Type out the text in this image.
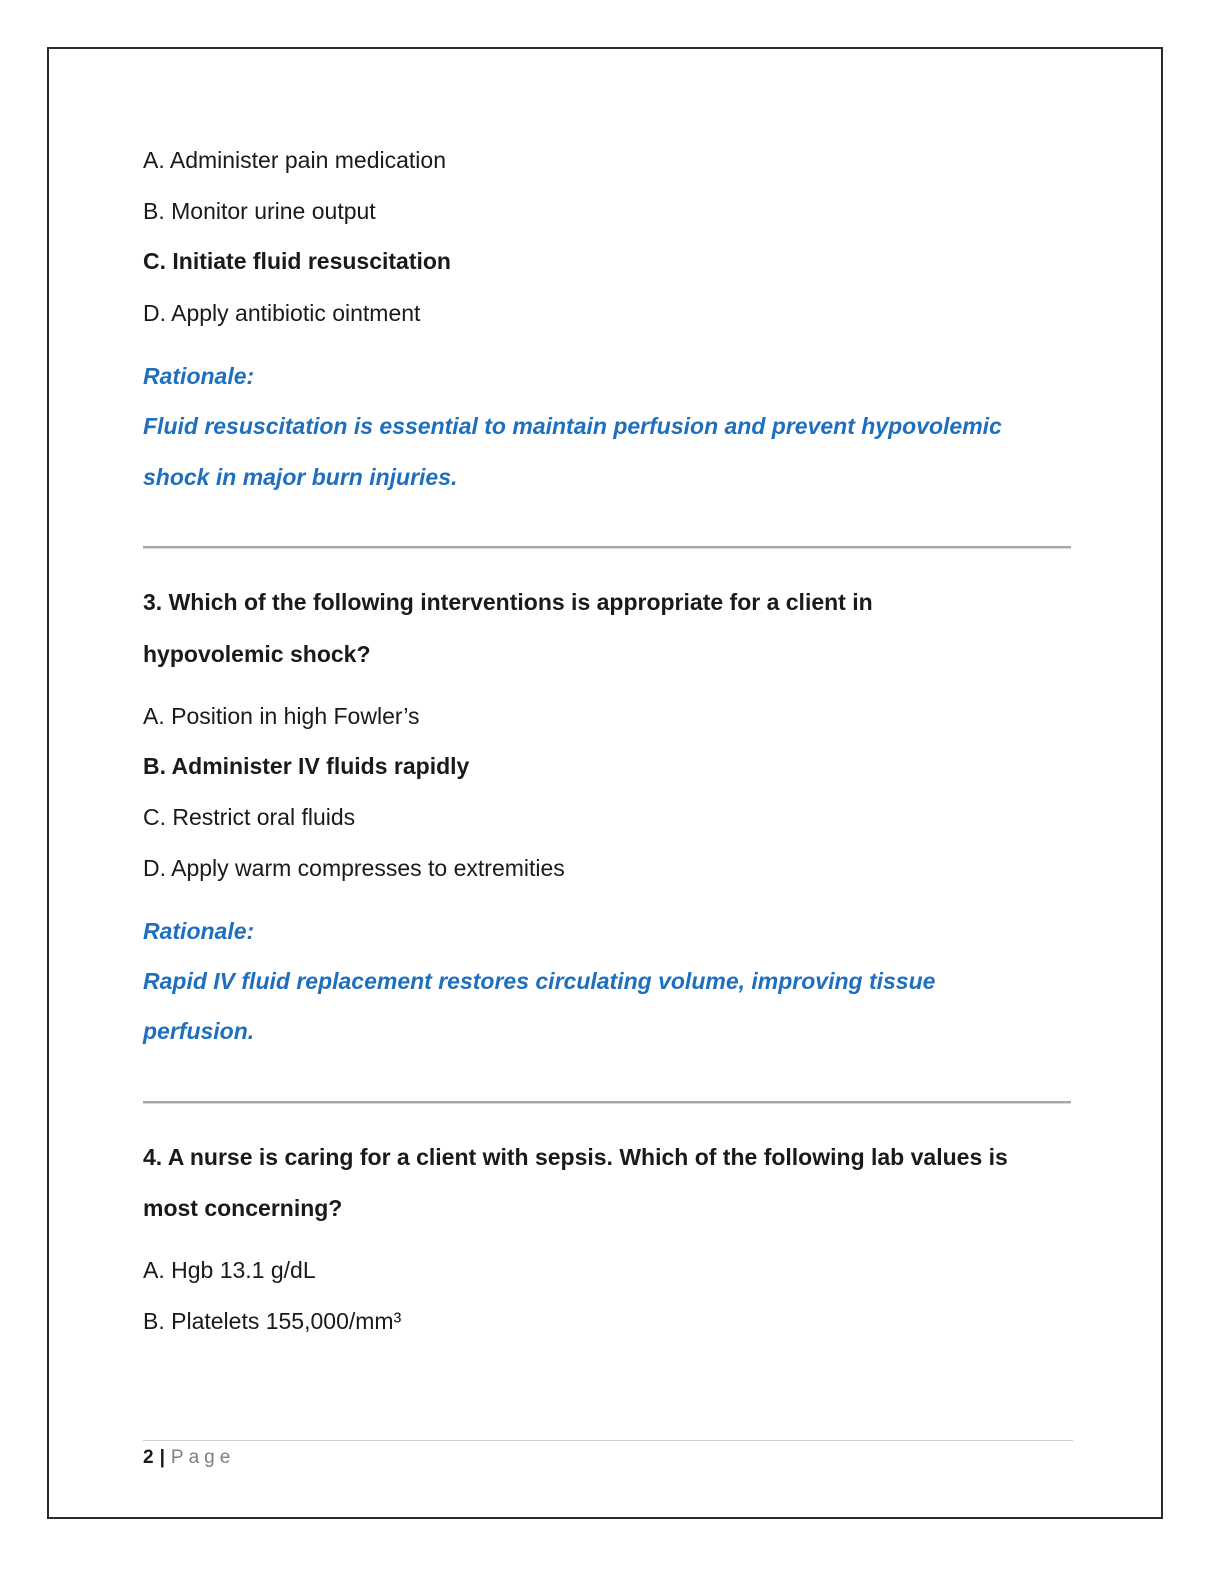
A. Administer pain medication
B. Monitor urine output
C. Initiate fluid resuscitation
D. Apply antibiotic ointment
Rationale:
Fluid resuscitation is essential to maintain perfusion and prevent hypovolemic
shock in major burn injuries.
3. Which of the following interventions is appropriate for a client in
hypovolemic shock?
A. Position in high Fowler’s
B. Administer IV fluids rapidly
C. Restrict oral fluids
D. Apply warm compresses to extremities
Rationale:
Rapid IV fluid replacement restores circulating volume, improving tissue
perfusion.
4. A nurse is caring for a client with sepsis. Which of the following lab values is
most concerning?
A. Hgb 13.1 g/dL
B. Platelets 155,000/mm³
2 | Page
